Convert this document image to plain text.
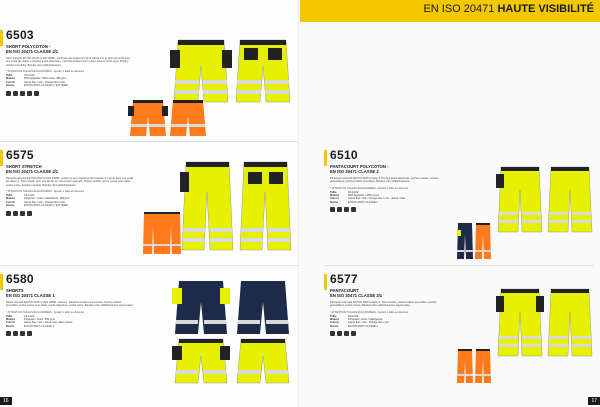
6503
SHORT POLYCOTON -
EN ISO 20471 CLASSE 2/1
Short sécurité EN ISO 20471 et EN 13688 : conforme aux exigences de la classe 2 si le short est porté avec une veste de classe 1. Poches avant déportées, 2 poches cuisses dont 1 avec rabat et porte-stylo. Poches holster amovibles. Bandes rétro-réfléchissantes.
* ATTENTION TAILLES ÉCHANCRÉES - Ajuster 1 taille au dessous
Taille	C44-C62
Matière	65% polyester / 35% coton, 280 g/m²
Coloris	Jaune fluo / noir - Orange fluo / noir
Norme	EN ISO 20471 CLASSE 2 / EN 13688
6575
SHORT STRETCH
EN ISO 20471 CLASSE 2/1
Bermuda sécurité EN ISO 20471 et EN 13688 : conforme aux exigences de la classe 2 si porté avec une veste de classe 1. Tissu stretch pour une liberté de mouvement optimale. Poches holster, poche cuisse avec rabat, poche mètre, boucles marteau. Bandes rétro-réfléchissantes.
* ATTENTION TAILLES ÉCHANCRÉES - Ajuster 1 taille au dessous
Taille	C44-C62
Matière	Polyester / coton / élasthanne, 265 g/m²
Coloris	Jaune fluo / noir - Orange fluo / noir
Norme	EN ISO 20471 CLASSE 2 / EN 13688
6580
SHORTS
EN ISO 20471 CLASSE 1
Shorts sécurité EN ISO 20471 et EN 13688 : classe 1. Renforts Cordura aux poches. Poches holster amovibles, poche cuisse avec rabat, poche téléphone, poche mètre. Bandes rétro-réfléchissantes segmentées.
* ATTENTION TAILLES ÉCHANCRÉES - Ajuster 1 taille au dessous
Taille	C44-C62
Matière	Polyester / coton, 255 g/m²
Coloris	Jaune fluo / noir - Jaune fluo / bleu marine
Norme	EN ISO 20471 CLASSE 1
16
EN ISO 20471 HAUTE VISIBILITÉ
6510
PANTACOURT POLYCOTON -
EN ISO 20471 CLASSE 2
Pantacourt sécurité EN ISO 20471 classe 2. Poches avant déportées, poches cuisses, poches genouillères, poches holster amovibles. Bandes rétro-réfléchissantes.
* ATTENTION TAILLES ÉCHANCRÉES - Ajuster 1 taille au dessous
Taille	C44-C62
Matière	65% polyester / 35% coton
Coloris	Jaune fluo / noir - Orange fluo / noir - Jaune / bleu
Norme	EN ISO 20471 CLASSE 2
6577
PANTACOURT
EN ISO 20471 CLASSE 2/1
Pantacourt sécurité EN ISO 20471 classe 2. Tissu stretch, poches holster amovibles, poches genouillères, poche cuisse. Bandes rétro-réfléchissantes segmentées.
* ATTENTION TAILLES ÉCHANCRÉES - Ajuster 1 taille au dessous
Taille	C44-C62
Matière	Polyester / coton / élasthanne
Coloris	Jaune fluo / noir - Orange fluo / noir
Norme	EN ISO 20471 CLASSE 2
17
